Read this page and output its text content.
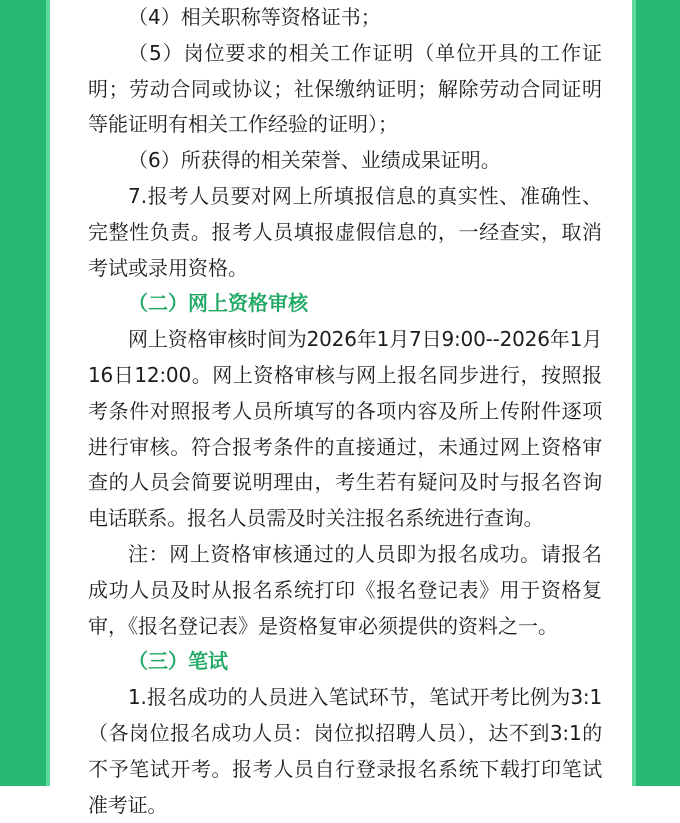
（4）相关职称等资格证书；

（5）岗位要求的相关工作证明（单位开具的工作证明；劳动合同或协议；社保缴纳证明；解除劳动合同证明等能证明有相关工作经验的证明）；

（6）所获得的相关荣誉、业绩成果证明。

7.报考人员要对网上所填报信息的真实性、准确性、完整性负责。报考人员填报虚假信息的，一经查实，取消考试或录用资格。

（二）网上资格审核

网上资格审核时间为2026年1月7日9:00--2026年1月16日12:00。网上资格审核与网上报名同步进行，按照报考条件对照报考人员所填写的各项内容及所上传附件逐项进行审核。符合报考条件的直接通过，未通过网上资格审查的人员会简要说明理由，考生若有疑问及时与报名咨询电话联系。报名人员需及时关注报名系统进行查询。

注：网上资格审核通过的人员即为报名成功。请报名成功人员及时从报名系统打印《报名登记表》用于资格复审，《报名登记表》是资格复审必须提供的资料之一。

（三）笔试

1.报名成功的人员进入笔试环节，笔试开考比例为3:1（各岗位报名成功人员：岗位拟招聘人员），达不到3:1的不予笔试开考。报考人员自行登录报名系统下载打印笔试准考证。
